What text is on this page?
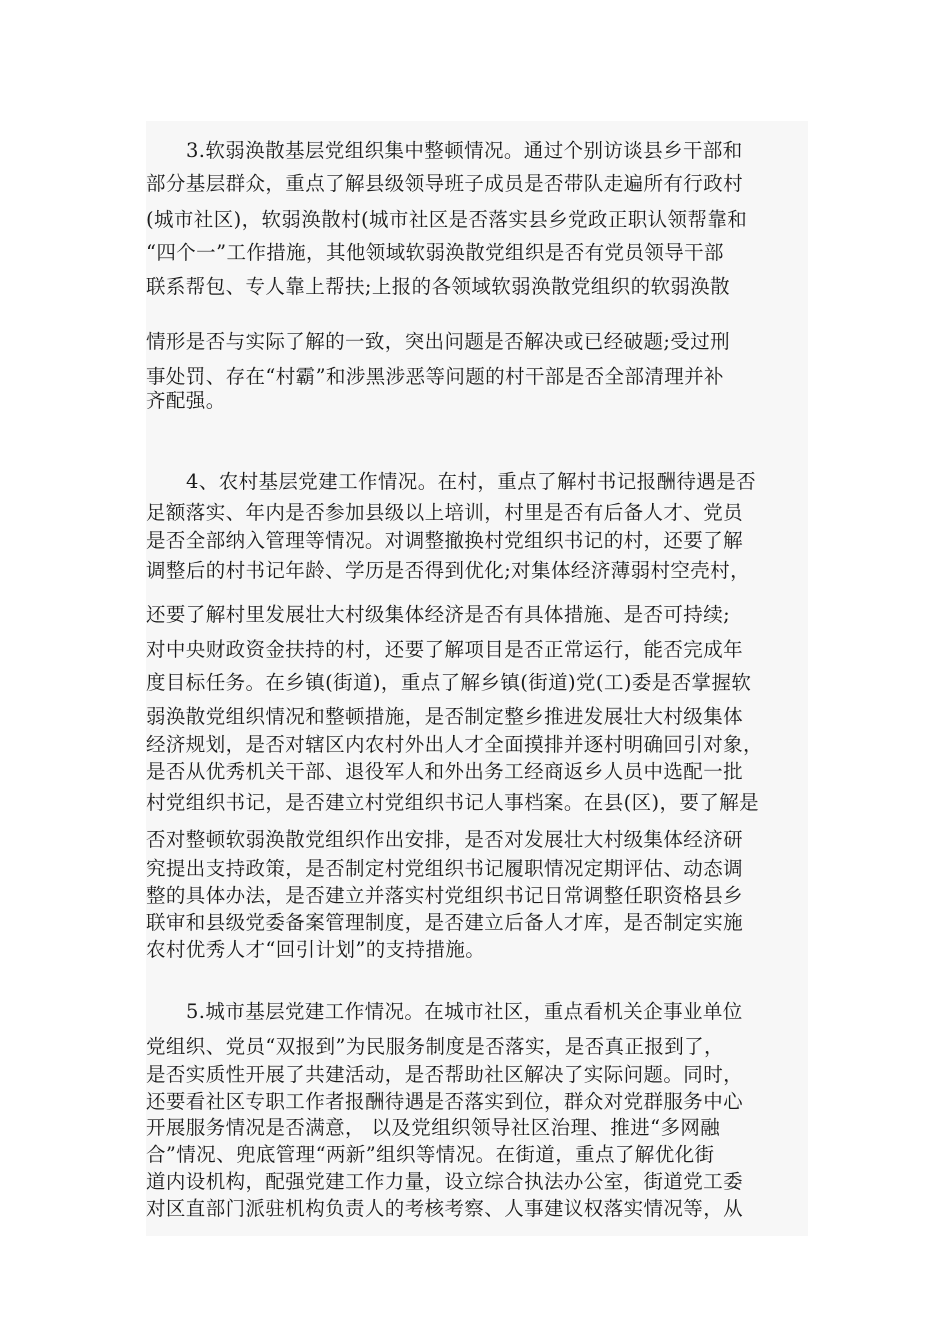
3.软弱涣散基层党组织集中整顿情况。通过个别访谈县乡干部和
部分基层群众，重点了解县级领导班子成员是否带队走遍所有行政村
(城市社区)，软弱涣散村(城市社区是否落实县乡党政正职认领帮靠和
“四个一”工作措施，其他领域软弱涣散党组织是否有党员领导干部
联系帮包、专人靠上帮扶;上报的各领域软弱涣散党组织的软弱涣散
情形是否与实际了解的一致，突出问题是否解决或已经破题;受过刑
事处罚、存在“村霸”和涉黑涉恶等问题的村干部是否全部清理并补
齐配强。
4、农村基层党建工作情况。在村，重点了解村书记报酬待遇是否
足额落实、年内是否参加县级以上培训，村里是否有后备人才、党员
是否全部纳入管理等情况。对调整撤换村党组织书记的村，还要了解
调整后的村书记年龄、学历是否得到优化;对集体经济薄弱村空壳村，
还要了解村里发展壮大村级集体经济是否有具体措施、是否可持续;
对中央财政资金扶持的村，还要了解项目是否正常运行，能否完成年
度目标任务。在乡镇(街道)，重点了解乡镇(街道)党(工)委是否掌握软
弱涣散党组织情况和整顿措施，是否制定整乡推进发展壮大村级集体
经济规划，是否对辖区内农村外出人才全面摸排并逐村明确回引对象，
是否从优秀机关干部、退役军人和外出务工经商返乡人员中选配一批
村党组织书记，是否建立村党组织书记人事档案。在县(区)，要了解是
否对整顿软弱涣散党组织作出安排，是否对发展壮大村级集体经济研
究提出支持政策，是否制定村党组织书记履职情况定期评估、动态调
整的具体办法，是否建立并落实村党组织书记日常调整任职资格县乡
联审和县级党委备案管理制度，是否建立后备人才库，是否制定实施
农村优秀人才“回引计划”的支持措施。
5.城市基层党建工作情况。在城市社区，重点看机关企事业单位
党组织、党员“双报到”为民服务制度是否落实，是否真正报到了，
是否实质性开展了共建活动，是否帮助社区解决了实际问题。同时，
还要看社区专职工作者报酬待遇是否落实到位，群众对党群服务中心
开展服务情况是否满意， 以及党组织领导社区治理、推进“多网融
合”情况、兜底管理“两新”组织等情况。在街道，重点了解优化街
道内设机构，配强党建工作力量，设立综合执法办公室，街道党工委
对区直部门派驻机构负责人的考核考察、人事建议权落实情况等，从
